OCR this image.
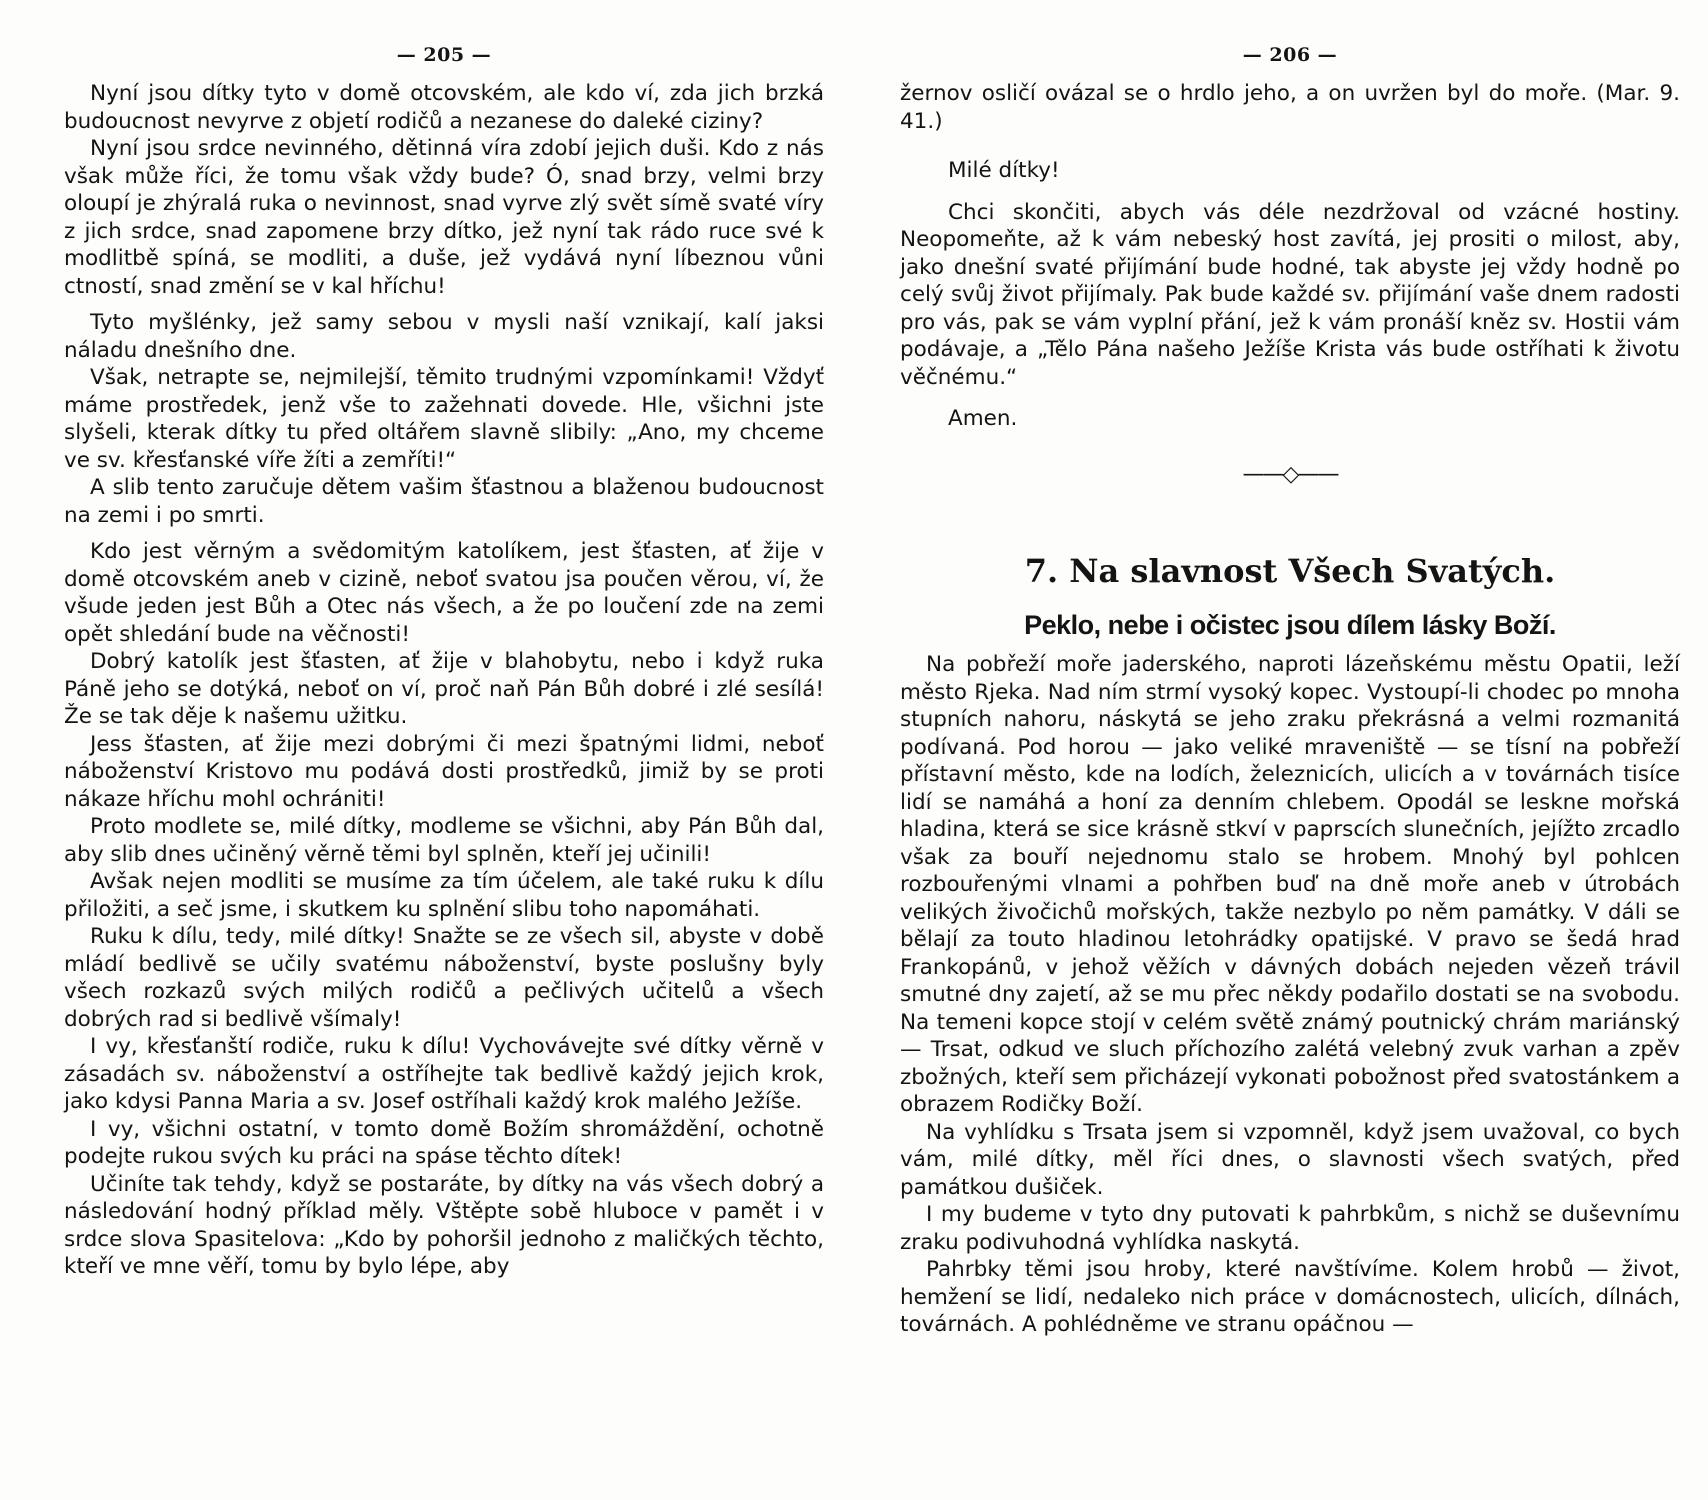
— 205 —

Nyní jsou dítky tyto v domě otcovském, ale kdo ví, zda jich brzká budoucnost nevyrve z objetí rodičů a nezanese do daleké ciziny?

Nyní jsou srdce nevinného, dětinná víra zdobí jejich duši. Kdo z nás však může říci, že tomu však vždy bude? Ó, snad brzy, velmi brzy oloupí je zhýralá ruka o nevinnost, snad vyrve zlý svět símě svaté víry z jich srdce, snad zapomene brzy dítko, jež nyní tak rádo ruce své k modlitbě spíná, se modliti, a duše, jež vydává nyní líbeznou vůni ctností, snad změní se v kal hříchu!

Tyto myšlénky, jež samy sebou v mysli naší vznikají, kalí jaksi náladu dnešního dne.

Však, netrapte se, nejmilejší, těmito trudnými vzpomínkami! Vždyť máme prostředek, jenž vše to zažehnati dovede. Hle, všichni jste slyšeli, kterak dítky tu před oltářem slavně slibily: „Ano, my chceme ve sv. křesťanské víře žíti a zemříti!“

A slib tento zaručuje dětem vašim šťastnou a blaženou budoucnost na zemi i po smrti.

Kdo jest věrným a svědomitým katolíkem, jest šťasten, ať žije v domě otcovském aneb v cizině, neboť svatou jsa poučen věrou, ví, že všude jeden jest Bůh a Otec nás všech, a že po loučení zde na zemi opět shledání bude na věčnosti!

Dobrý katolík jest šťasten, ať žije v blahobytu, nebo i když ruka Páně jeho se dotýká, neboť on ví, proč naň Pán Bůh dobré i zlé sesílá! Že se tak děje k našemu užitku.

Jess šťasten, ať žije mezi dobrými či mezi špatnými lidmi, neboť náboženství Kristovo mu podává dosti prostředků, jimiž by se proti nákaze hříchu mohl ochrániti!

Proto modlete se, milé dítky, modleme se všichni, aby Pán Bůh dal, aby slib dnes učiněný věrně těmi byl splněn, kteří jej učinili!

Avšak nejen modliti se musíme za tím účelem, ale také ruku k dílu přiložiti, a seč jsme, i skutkem ku splnění slibu toho napomáhati.

Ruku k dílu, tedy, milé dítky! Snažte se ze všech sil, abyste v době mládí bedlivě se učily svatému náboženství, byste poslušny byly všech rozkazů svých milých rodičů a pečlivých učitelů a všech dobrých rad si bedlivě všímaly!

I vy, křesťanští rodiče, ruku k dílu! Vychovávejte své dítky věrně v zásadách sv. náboženství a ostříhejte tak bedlivě každý jejich krok, jako kdysi Panna Maria a sv. Josef ostříhali každý krok malého Ježíše.

I vy, všichni ostatní, v tomto domě Božím shromáždění, ochotně podejte rukou svých ku práci na spáse těchto dítek!

Učiníte tak tehdy, když se postaráte, by dítky na vás všech dobrý a následování hodný příklad měly. Vštěpte sobě hluboce v pamět i v srdce slova Spasitelova: „Kdo by pohoršil jednoho z maličkých těchto, kteří ve mne věří, tomu by bylo lépe, aby

— 206 —

žernov osličí ovázal se o hrdlo jeho, a on uvržen byl do moře. (Mar. 9. 41.)

Milé dítky!

Chci skončiti, abych vás déle nezdržoval od vzácné hostiny. Neopomeňte, až k vám nebeský host zavítá, jej prositi o milost, aby, jako dnešní svaté přijímání bude hodné, tak abyste jej vždy hodně po celý svůj život přijímaly. Pak bude každé sv. přijímání vaše dnem radosti pro vás, pak se vám vyplní přání, jež k vám pronáší kněz sv. Hostii vám podávaje, a „Tělo Pána našeho Ježíše Krista vás bude ostříhati k životu věčnému.“

Amen.

——◇——
7. Na slavnost Všech Svatých.
Peklo, nebe i očistec jsou dílem lásky Boží.

Na pobřeží moře jaderského, naproti lázeňskému městu Opatii, leží město Rjeka. Nad ním strmí vysoký kopec. Vystoupí-li chodec po mnoha stupních nahoru, náskytá se jeho zraku překrásná a velmi rozmanitá podívaná. Pod horou — jako veliké mraveniště — se tísní na pobřeží přístavní město, kde na lodích, železnicích, ulicích a v továrnách tisíce lidí se namáhá a honí za denním chlebem. Opodál se leskne mořská hladina, která se sice krásně stkví v paprscích slunečních, jejížto zrcadlo však za bouří nejednomu stalo se hrobem. Mnohý byl pohlcen rozbouřenými vlnami a pohřben buď na dně moře aneb v útrobách velikých živočichů mořských, takže nezbylo po něm památky. V dáli se bělají za touto hladinou letohrádky opatijské. V pravo se šedá hrad Frankopánů, v jehož věžích v dávných dobách nejeden vězeň trávil smutné dny zajetí, až se mu přec někdy podařilo dostati se na svobodu. Na temeni kopce stojí v celém světě známý poutnický chrám mariánský — Trsat, odkud ve sluch příchozího zalétá velebný zvuk varhan a zpěv zbožných, kteří sem přicházejí vykonati pobožnost před svatostánkem a obrazem Rodičky Boží.

Na vyhlídku s Trsata jsem si vzpomněl, když jsem uvažoval, co bych vám, milé dítky, měl říci dnes, o slavnosti všech svatých, před památkou dušiček.

I my budeme v tyto dny putovati k pahrbkům, s nichž se duševnímu zraku podivuhodná vyhlídka naskytá.

Pahrbky těmi jsou hroby, které navštívíme. Kolem hrobů — život, hemžení se lidí, nedaleko nich práce v domácnostech, ulicích, dílnách, továrnách. A pohlédněme ve stranu opáčnou —
